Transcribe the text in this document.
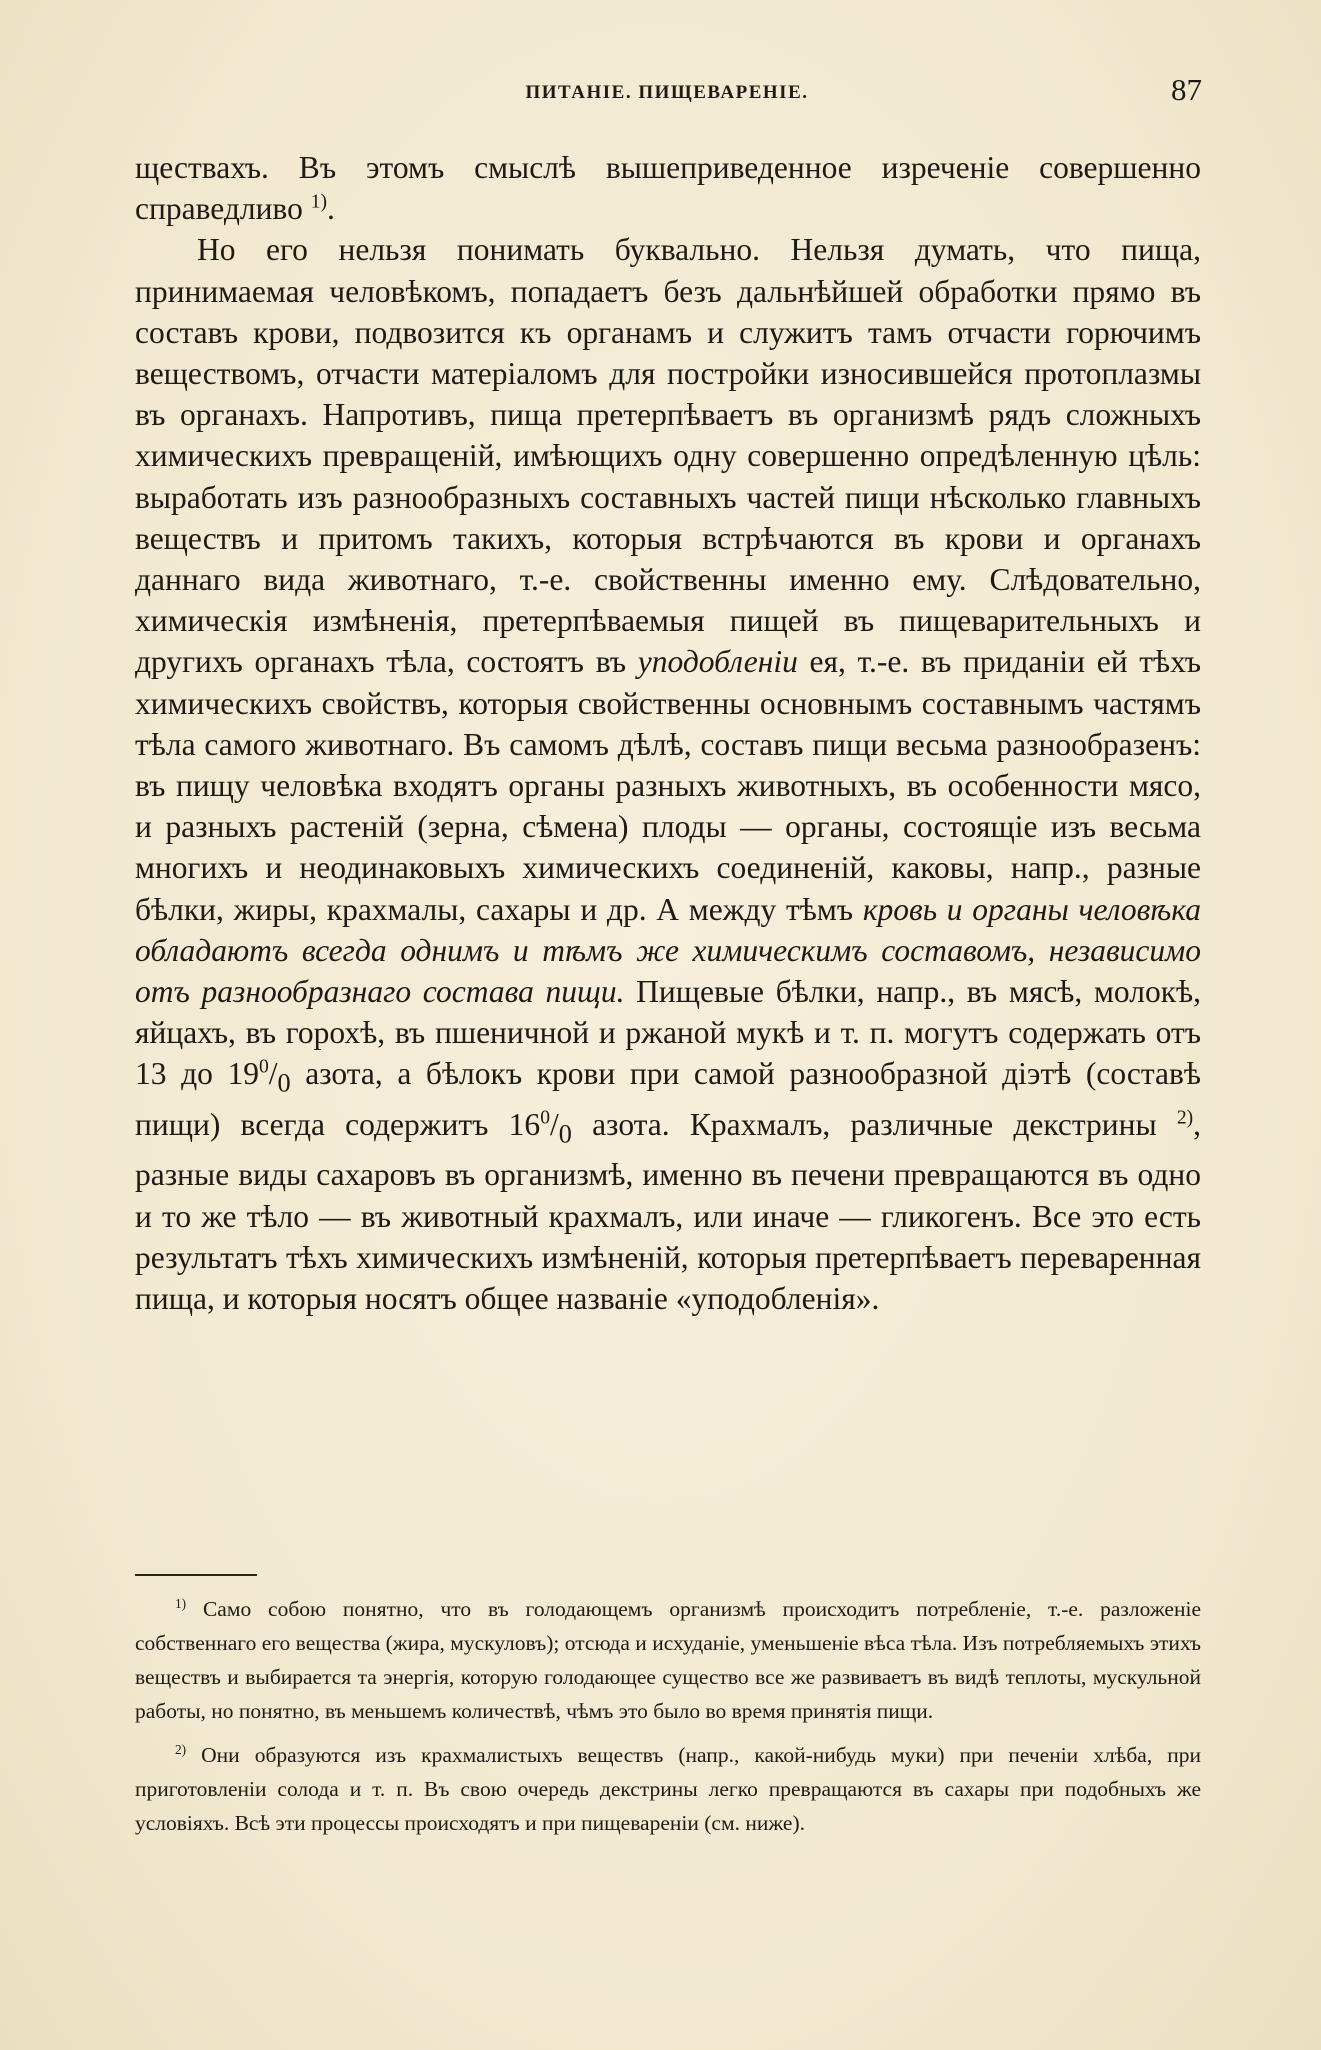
ПИТАНІЕ. ПИЩЕВАРЕНІЕ.	87

ществахъ. Въ этомъ смыслѣ вышеприведенное изреченіе совершенно справедливо $^{1)}$.

Но его нельзя понимать буквально. Нельзя думать, что пища, принимаемая человѣкомъ, попадаетъ безъ дальнѣйшей обработки прямо въ составъ крови, подвозится къ органамъ и служитъ тамъ отчасти горючимъ веществомъ, отчасти матеріаломъ для постройки износившейся протоплазмы въ органахъ. Напротивъ, пища претерпѣваетъ въ организмѣ рядъ сложныхъ химическихъ превращеній, имѣющихъ одну совершенно опредѣленную цѣль: выработать изъ разнообразныхъ составныхъ частей пищи нѣсколько главныхъ веществъ и притомъ такихъ, которыя встрѣчаются въ крови и органахъ даннаго вида животнаго, т.-е. свойственны именно ему. Слѣдовательно, химическія измѣненія, претерпѣваемыя пищей въ пищеварительныхъ и другихъ органахъ тѣла, состоятъ въ уподобленіи ея, т.-е. въ приданіи ей тѣхъ химическихъ свойствъ, которыя свойственны основнымъ составнымъ частямъ тѣла самого животнаго. Въ самомъ дѣлѣ, составъ пищи весьма разнообразенъ: въ пищу человѣка входятъ органы разныхъ животныхъ, въ особенности мясо, и разныхъ растеній (зерна, сѣмена) плоды — органы, состоящіе изъ весьма многихъ и неодинаковыхъ химическихъ соединеній, каковы, напр., разные бѣлки, жиры, крахмалы, сахары и др. А между тѣмъ кровь и органы человѣка обладаютъ всегда однимъ и тѣмъ же химическимъ составомъ, независимо отъ разнообразнаго состава пищи. Пищевые бѣлки, напр., въ мясѣ, молокѣ, яйцахъ, въ горохѣ, въ пшеничной и ржаной мукѣ и т. п. могутъ содержать отъ 13 до $19^0/_0$ азота, а бѣлокъ крови при самой разнообразной діэтѣ (составѣ пищи) всегда содержитъ $16^0/_0$ азота. Крахмалъ, различные декстрины $^{2)}$, разные виды сахаровъ въ организмѣ, именно въ печени превращаются въ одно и то же тѣло — въ животный крахмалъ, или иначе — гликогенъ. Все это есть результатъ тѣхъ химическихъ измѣненій, которыя претерпѣваетъ переваренная пища, и которыя носятъ общее названіе «уподобленія».

$^{1)}$ Само собою понятно, что въ голодающемъ организмѣ происходитъ потребленіе, т.-е. разложеніе собственнаго его вещества (жира, мускуловъ); отсюда и исхуданіе, уменьшеніе вѣса тѣла. Изъ потребляемыхъ этихъ веществъ и выбирается та энергія, которую голодающее существо все же развиваетъ въ видѣ теплоты, мускульной работы, но понятно, въ меньшемъ количествѣ, чѣмъ это было во время принятія пищи.

$^{2)}$ Они образуются изъ крахмалистыхъ веществъ (напр., какой-нибудь муки) при печеніи хлѣба, при приготовленіи солода и т. п. Въ свою очередь декстрины легко превращаются въ сахары при подобныхъ же условіяхъ. Всѣ эти процессы происходятъ и при пищевареніи (см. ниже).
